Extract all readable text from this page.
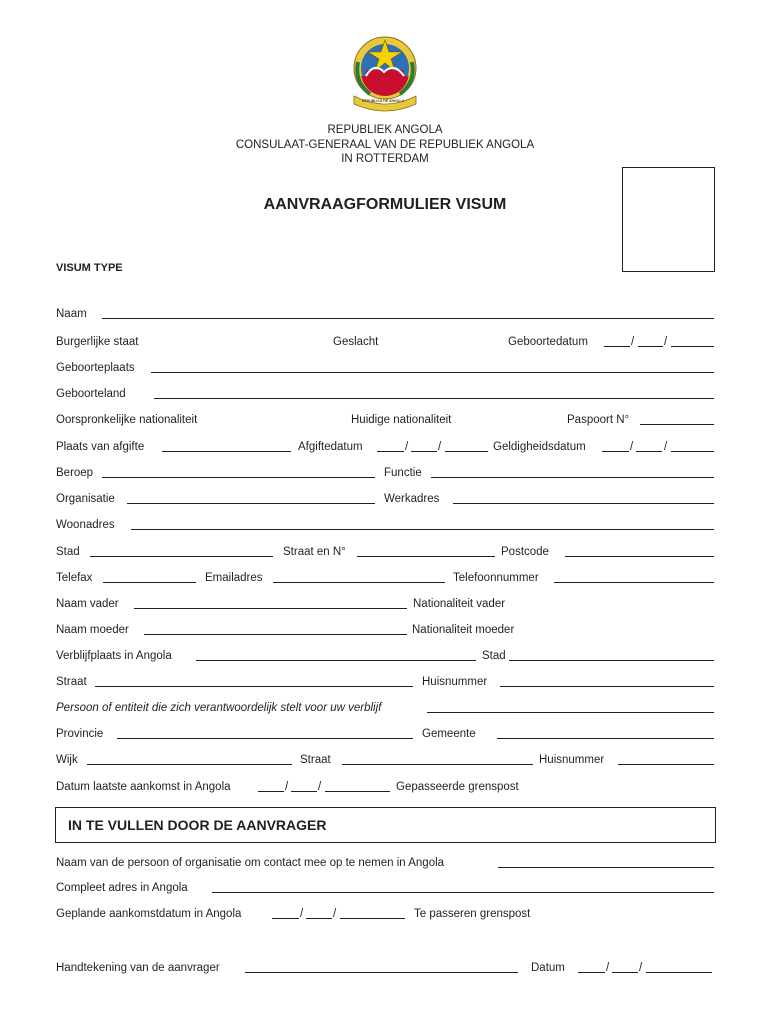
REPÚBLICA DE ANGOLA
REPUBLIEK ANGOLA
CONSULAAT-GENERAAL VAN DE REPUBLIEK ANGOLA
IN ROTTERDAM
AANVRAAGFORMULIER VISUM
VISUM TYPE
Naam
Burgerlijke staat	Geslacht	Geboortedatum	/	/
Geboorteplaats
Geboorteland
Oorspronkelijke nationaliteit	Huidige nationaliteit	Paspoort N°
Plaats van afgifte	Afgiftedatum	/	/	Geldigheidsdatum	/	/
Beroep	Functie
Organisatie	Werkadres
Woonadres
Stad	Straat en N°	Postcode
Telefax	Emailadres	Telefoonnummer
Naam vader	Nationaliteit vader
Naam moeder	Nationaliteit moeder
Verblijfplaats in Angola	Stad
Straat	Huisnummer
Persoon of entiteit die zich verantwoordelijk stelt voor uw verblijf
Provincie	Gemeente
Wijk	Straat	Huisnummer
Datum laatste aankomst in Angola	/	/	Gepasseerde grenspost
IN TE VULLEN DOOR DE AANVRAGER
Naam van de persoon of organisatie om contact mee op te nemen in Angola
Compleet adres in Angola
Geplande aankomstdatum in Angola	/	/	Te passeren grenspost
Handtekening van de aanvrager	Datum	/	/
